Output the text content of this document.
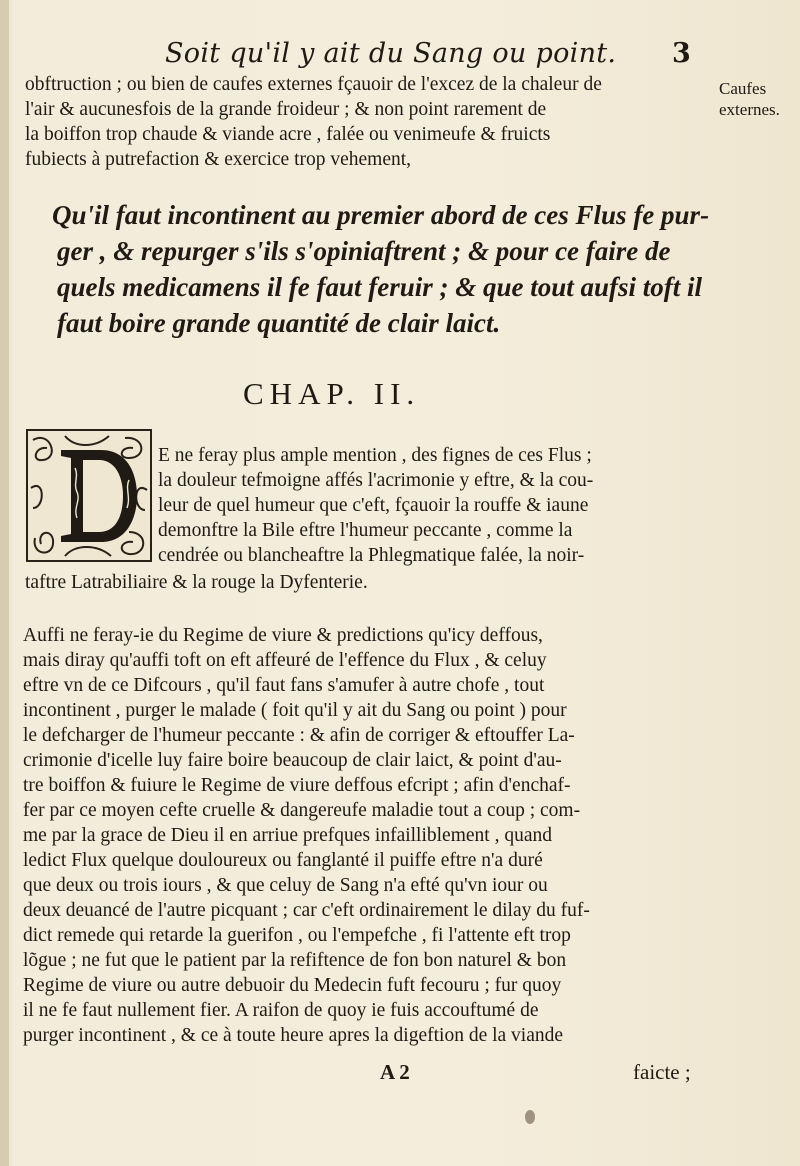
Soit qu'il y ait du Sang ou point. 3
obftruction ; ou bien de caufes externes fçauoir de l'excez de la chaleur de
l'air & aucunesfois de la grande froideur ; & non point rarement de
la boiffon trop chaude & viande acre , falée ou venimeufe & fruicts
fubiects à putrefaction & exercice trop vehement,
Caufes
externes.
Qu'il faut incontinent au premier abord de ces Flus fe pur-
ger , & repurger s'ils s'opiniaftrent ; & pour ce faire de
quels medicamens il fe faut feruir ; & que tout aufsi toft il
faut boire grande quantité de clair laict.
CHAP. II.
E ne feray plus ample mention , des fignes de ces Flus ;
la douleur tefmoigne affés l'acrimonie y eftre, & la cou-
leur de quel humeur que c'eft, fçauoir la rouffe & iaune
demonftre la Bile eftre l'humeur peccante , comme la
cendrée ou blancheaftre la Phlegmatique falée, la noir-
taftre Latrabiliaire & la rouge la Dyfenterie.
Auffi ne feray-ie du Regime de viure & predictions qu'icy deffous,
mais diray qu'auffi toft on eft affeuré de l'effence du Flux , & celuy
eftre vn de ce Difcours , qu'il faut fans s'amufer à autre chofe , tout
incontinent , purger le malade ( foit qu'il y ait du Sang ou point ) pour
le defcharger de l'humeur peccante : & afin de corriger & eftouffer La-
crimonie d'icelle luy faire boire beaucoup de clair laict, & point d'au-
tre boiffon & fuiure le Regime de viure deffous efcript ; afin d'enchaf-
fer par ce moyen cefte cruelle & dangereufe maladie tout a coup ; com-
me par la grace de Dieu il en arriue prefques infailliblement , quand
ledict Flux quelque douloureux ou fanglanté il puiffe eftre n'a duré
que deux ou trois iours , & que celuy de Sang n'a efté qu'vn iour ou
deux deuancé de l'autre picquant ; car c'eft ordinairement le dilay du fuf-
dict remede qui retarde la guerifon , ou l'empefche , fi l'attente eft trop
lõgue ; ne fut que le patient par la refiftence de fon bon naturel & bon
Regime de viure ou autre debuoir du Medecin fuft fecouru ; fur quoy
il ne fe faut nullement fier. A raifon de quoy ie fuis accouftumé de
purger incontinent , & ce à toute heure apres la digeftion de la viande
A 2	faicte ;
